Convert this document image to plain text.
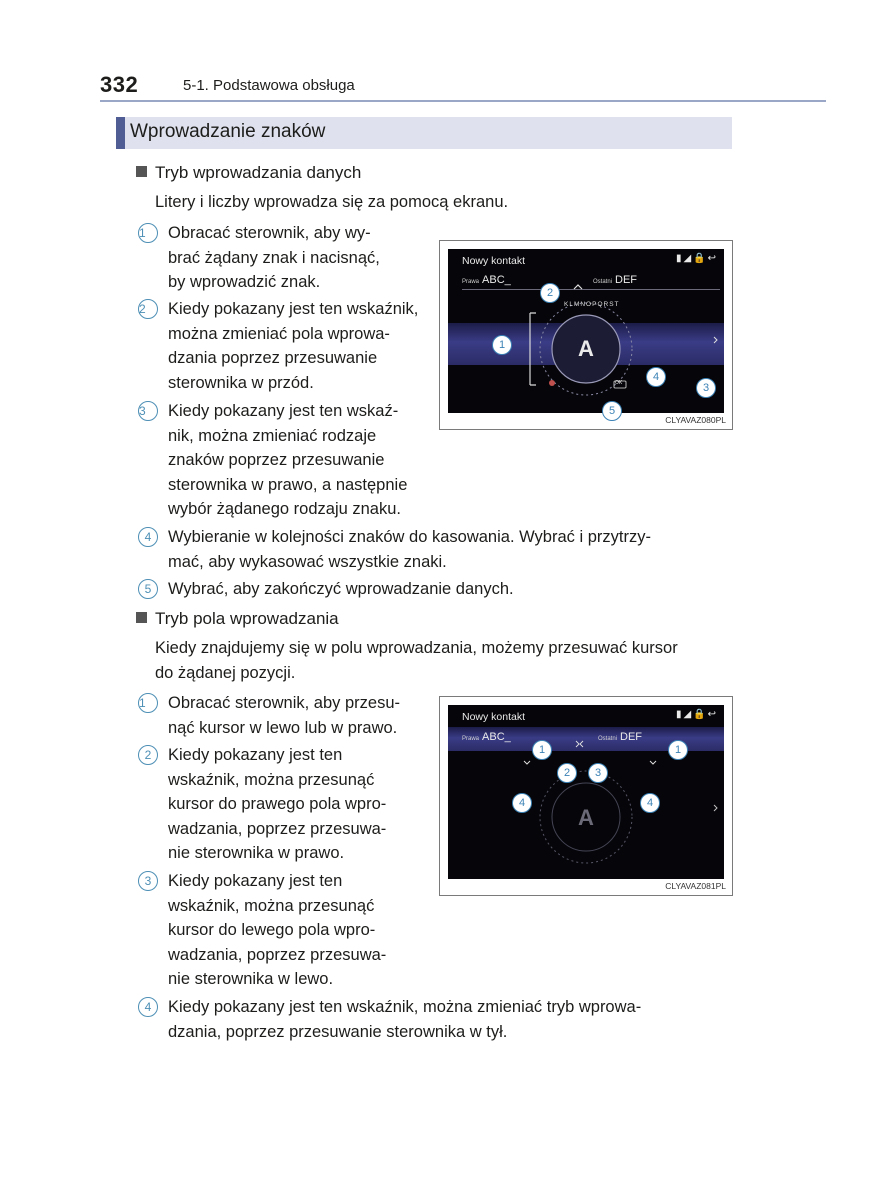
332	5-1. Podstawowa obsługa
Wprowadzanie znaków
Tryb wprowadzania danych
Litery i liczby wprowadza się za pomocą ekranu.
1	Obracać sterownik, aby wy-
brać żądany znak i nacisnąć,
by wprowadzić znak.
2	Kiedy pokazany jest ten wskaźnik,
można zmieniać pola wprowa-
dzania poprzez przesuwanie
sterownika w przód.
3	Kiedy pokazany jest ten wskaź-
nik, można zmieniać rodzaje
znaków poprzez przesuwanie
sterownika w prawo, a następnie
wybór żądanego rodzaju znaku.
Nowy kontakt	▮◢🔒↩
Prawa ABC_	Ostatni DEF
KLMNOPQRST
A
OK
CLYAVAZ080PL
1
2
3
4
5
4	Wybieranie w kolejności znaków do kasowania. Wybrać i przytrzy-
mać, aby wykasować wszystkie znaki.
5	Wybrać, aby zakończyć wprowadzanie danych.
Tryb pola wprowadzania
Kiedy znajdujemy się w polu wprowadzania, możemy przesuwać kursor
do żądanej pozycji.
1	Obracać sterownik, aby przesu-
nąć kursor w lewo lub w prawo.
2	Kiedy pokazany jest ten
wskaźnik, można przesunąć
kursor do prawego pola wpro-
wadzania, poprzez przesuwa-
nie sterownika w prawo.
3	Kiedy pokazany jest ten
wskaźnik, można przesunąć
kursor do lewego pola wpro-
wadzania, poprzez przesuwa-
nie sterownika w lewo.
Nowy kontakt	▮◢🔒↩
Prawa ABC_	Ostatni DEF
A
CLYAVAZ081PL
1	1
2	3
4	4
4	Kiedy pokazany jest ten wskaźnik, można zmieniać tryb wprowa-
dzania, poprzez przesuwanie sterownika w tył.
